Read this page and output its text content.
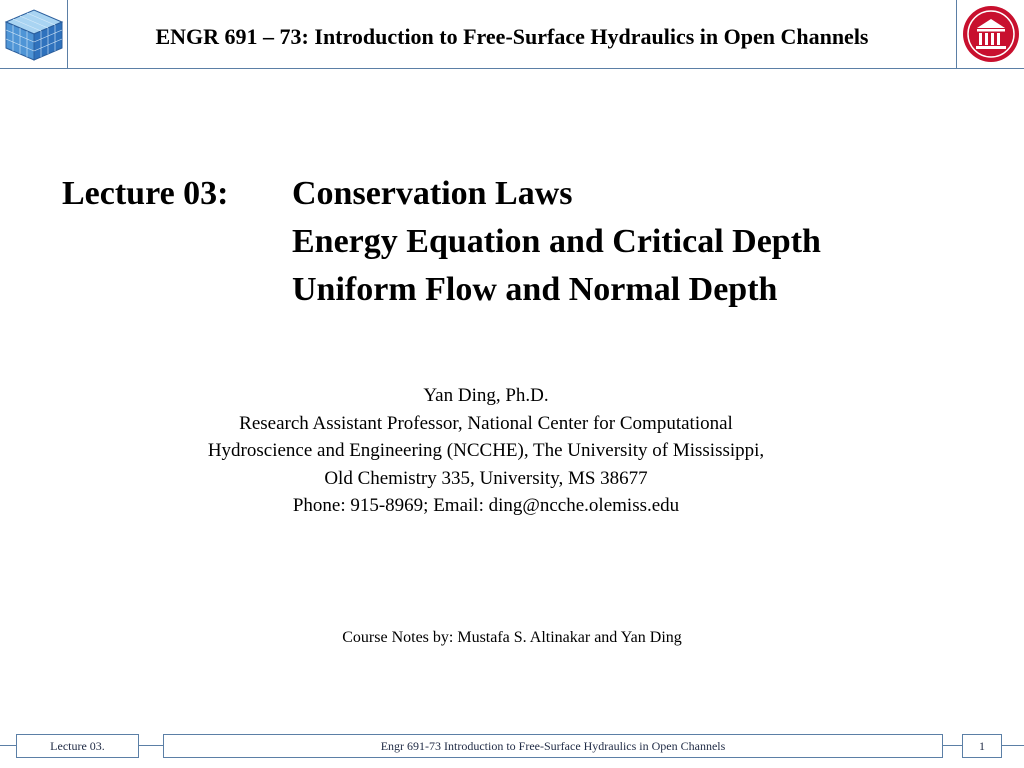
ENGR 691 – 73: Introduction to Free-Surface Hydraulics in Open Channels
Lecture 03: Conservation Laws
Energy Equation and Critical Depth
Uniform Flow and Normal Depth
Yan Ding, Ph.D.
Research Assistant Professor, National Center for Computational
Hydroscience and Engineering (NCCHE), The University of Mississippi,
Old Chemistry 335, University, MS 38677
Phone: 915-8969; Email: ding@ncche.olemiss.edu
Course Notes by: Mustafa S. Altinakar and Yan Ding
Lecture 03.	Engr 691-73 Introduction to Free-Surface Hydraulics in Open Channels	1
